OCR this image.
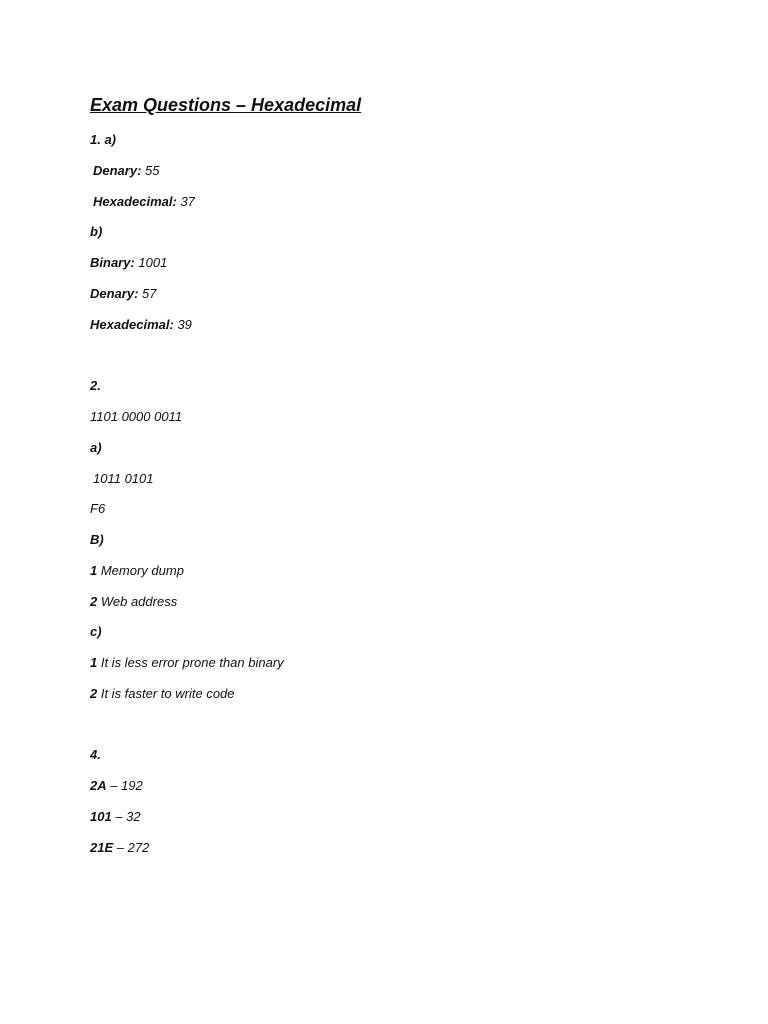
Exam Questions – Hexadecimal
1. a)
Denary: 55
Hexadecimal: 37
b)
Binary: 1001
Denary: 57
Hexadecimal: 39
2.
1101 0000 0011
a)
1011 0101
F6
B)
1 Memory dump
2 Web address
c)
1 It is less error prone than binary
2 It is faster to write code
4.
2A – 192
101 – 32
21E – 272
